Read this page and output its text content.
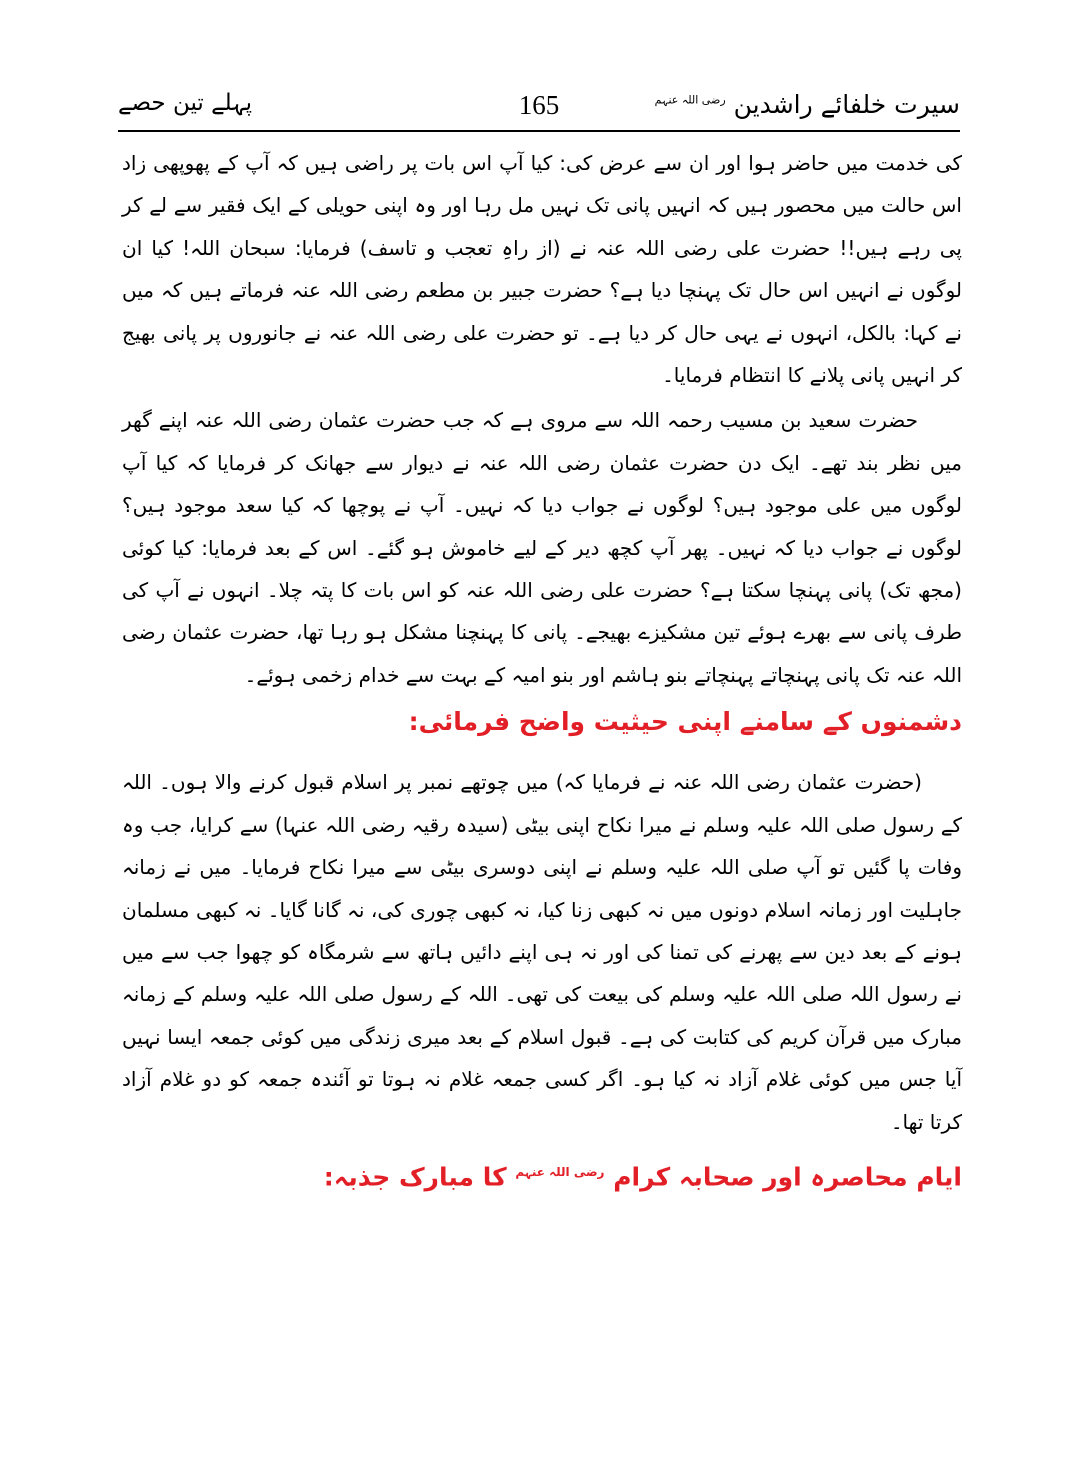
سیرت خلفائے راشدین $^{رضی اللہ عنہم}$
165
پہلے تین حصے

کی خدمت میں حاضر ہوا اور ان سے عرض کی: کیا آپ اس بات پر راضی ہیں کہ آپ کے پھوپھی زاد اس حالت میں محصور ہیں کہ انہیں پانی تک نہیں مل رہا اور وہ اپنی حویلی کے ایک فقیر سے لے کر پی رہے ہیں!! حضرت علی رضی اللہ عنہ نے (از راہِ تعجب و تاسف) فرمایا: سبحان اللہ! کیا ان لوگوں نے انہیں اس حال تک پہنچا دیا ہے؟ حضرت جبیر بن مطعم رضی اللہ عنہ فرماتے ہیں کہ میں نے کہا: بالکل، انہوں نے یہی حال کر دیا ہے۔ تو حضرت علی رضی اللہ عنہ نے جانوروں پر پانی بھیج کر انہیں پانی پلانے کا انتظام فرمایا۔

حضرت سعید بن مسیب رحمہ اللہ سے مروی ہے کہ جب حضرت عثمان رضی اللہ عنہ اپنے گھر میں نظر بند تھے۔ ایک دن حضرت عثمان رضی اللہ عنہ نے دیوار سے جھانک کر فرمایا کہ کیا آپ لوگوں میں علی موجود ہیں؟ لوگوں نے جواب دیا کہ نہیں۔ آپ نے پوچھا کہ کیا سعد موجود ہیں؟ لوگوں نے جواب دیا کہ نہیں۔ پھر آپ کچھ دیر کے لیے خاموش ہو گئے۔ اس کے بعد فرمایا: کیا کوئی (مجھ تک) پانی پہنچا سکتا ہے؟ حضرت علی رضی اللہ عنہ کو اس بات کا پتہ چلا۔ انہوں نے آپ کی طرف پانی سے بھرے ہوئے تین مشکیزے بھیجے۔ پانی کا پہنچنا مشکل ہو رہا تھا، حضرت عثمان رضی اللہ عنہ تک پانی پہنچاتے پہنچاتے بنو ہاشم اور بنو امیہ کے بہت سے خدام زخمی ہوئے۔

دشمنوں کے سامنے اپنی حیثیت واضح فرمائی:

(حضرت عثمان رضی اللہ عنہ نے فرمایا کہ) میں چوتھے نمبر پر اسلام قبول کرنے والا ہوں۔ اللہ کے رسول صلی اللہ علیہ وسلم نے میرا نکاح اپنی بیٹی (سیدہ رقیہ رضی اللہ عنہا) سے کرایا، جب وہ وفات پا گئیں تو آپ صلی اللہ علیہ وسلم نے اپنی دوسری بیٹی سے میرا نکاح فرمایا۔ میں نے زمانہ جاہلیت اور زمانہ اسلام دونوں میں نہ کبھی زنا کیا، نہ کبھی چوری کی، نہ گانا گایا۔ نہ کبھی مسلمان ہونے کے بعد دین سے پھرنے کی تمنا کی اور نہ ہی اپنے دائیں ہاتھ سے شرمگاہ کو چھوا جب سے میں نے رسول اللہ صلی اللہ علیہ وسلم کی بیعت کی تھی۔ اللہ کے رسول صلی اللہ علیہ وسلم کے زمانہ مبارک میں قرآن کریم کی کتابت کی ہے۔ قبول اسلام کے بعد میری زندگی میں کوئی جمعہ ایسا نہیں آیا جس میں کوئی غلام آزاد نہ کیا ہو۔ اگر کسی جمعہ غلام نہ ہوتا تو آئندہ جمعہ کو دو غلام آزاد کرتا تھا۔

ایام محاصرہ اور صحابہ کرام $^{رضی اللہ عنہم}$ کا مبارک جذبہ:
